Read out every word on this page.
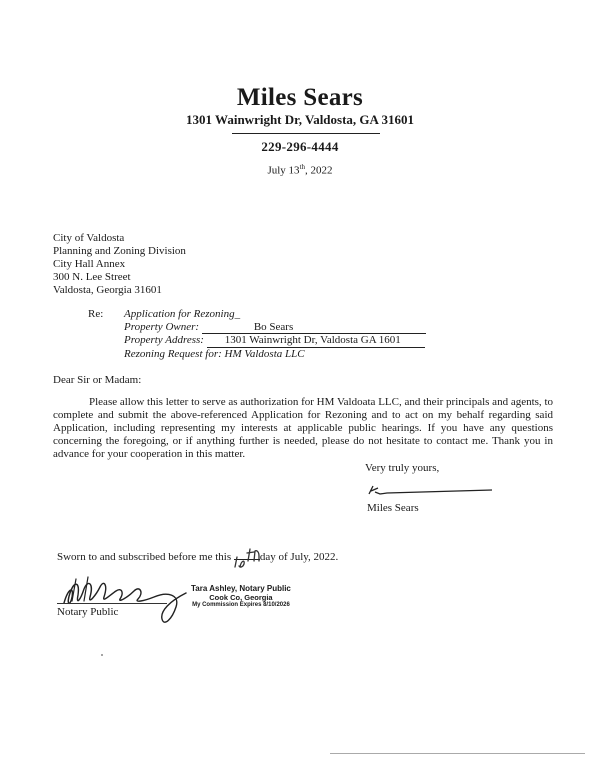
Miles Sears
1301 Wainwright Dr, Valdosta, GA 31601
229-296-4444
July 13th, 2022
City of Valdosta
Planning and Zoning Division
City Hall Annex
300 N. Lee Street
Valdosta, Georgia 31601
Re: Application for Rezoning_
Property Owner:	Bo Sears
Property Address: 1301 Wainwright Dr, Valdosta GA 1601
Rezoning Request for: HM Valdosta LLC
Dear Sir or Madam:
Please allow this letter to serve as authorization for HM Valdoata LLC, and their principals and agents, to complete and submit the above-referenced Application for Rezoning and to act on my behalf regarding said Application, including representing my interests at applicable public hearings. If you have any questions concerning the foregoing, or if anything further is needed, please do not hesitate to contact me. Thank you in advance for your cooperation in this matter.
Very truly yours,
Miles Sears
Sworn to and subscribed before me this	day of July, 2022.
Notary Public
Tara Ashley, Notary Public
Cook Co, Georgia
My Commission Expires 8/10/2026
